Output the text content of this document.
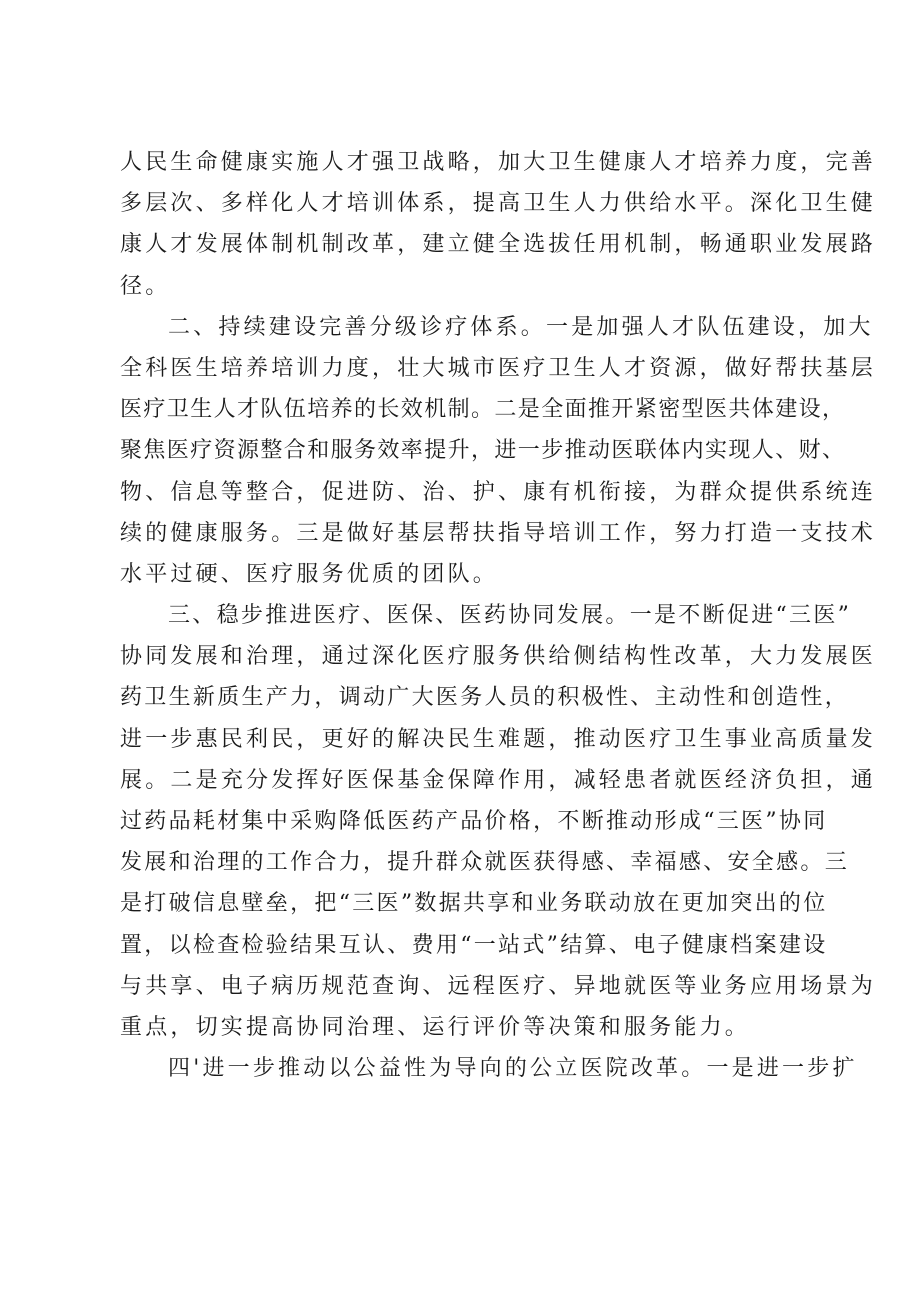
人民生命健康实施人才强卫战略，加大卫生健康人才培养力度，完善
多层次、多样化人才培训体系，提高卫生人力供给水平。深化卫生健
康人才发展体制机制改革，建立健全选拔任用机制，畅通职业发展路
径。
二、持续建设完善分级诊疗体系。一是加强人才队伍建设，加大
全科医生培养培训力度，壮大城市医疗卫生人才资源，做好帮扶基层
医疗卫生人才队伍培养的长效机制。二是全面推开紧密型医共体建设，
聚焦医疗资源整合和服务效率提升，进一步推动医联体内实现人、财、
物、信息等整合，促进防、治、护、康有机衔接，为群众提供系统连
续的健康服务。三是做好基层帮扶指导培训工作，努力打造一支技术
水平过硬、医疗服务优质的团队。
三、稳步推进医疗、医保、医药协同发展。一是不断促进“三医”
协同发展和治理，通过深化医疗服务供给侧结构性改革，大力发展医
药卫生新质生产力，调动广大医务人员的积极性、主动性和创造性，
进一步惠民利民，更好的解决民生难题，推动医疗卫生事业高质量发
展。二是充分发挥好医保基金保障作用，减轻患者就医经济负担，通
过药品耗材集中采购降低医药产品价格，不断推动形成“三医”协同
发展和治理的工作合力，提升群众就医获得感、幸福感、安全感。三
是打破信息壁垒，把“三医”数据共享和业务联动放在更加突出的位
置，以检查检验结果互认、费用“一站式”结算、电子健康档案建设
与共享、电子病历规范查询、远程医疗、异地就医等业务应用场景为
重点，切实提高协同治理、运行评价等决策和服务能力。
四'进一步推动以公益性为导向的公立医院改革。一是进一步扩
